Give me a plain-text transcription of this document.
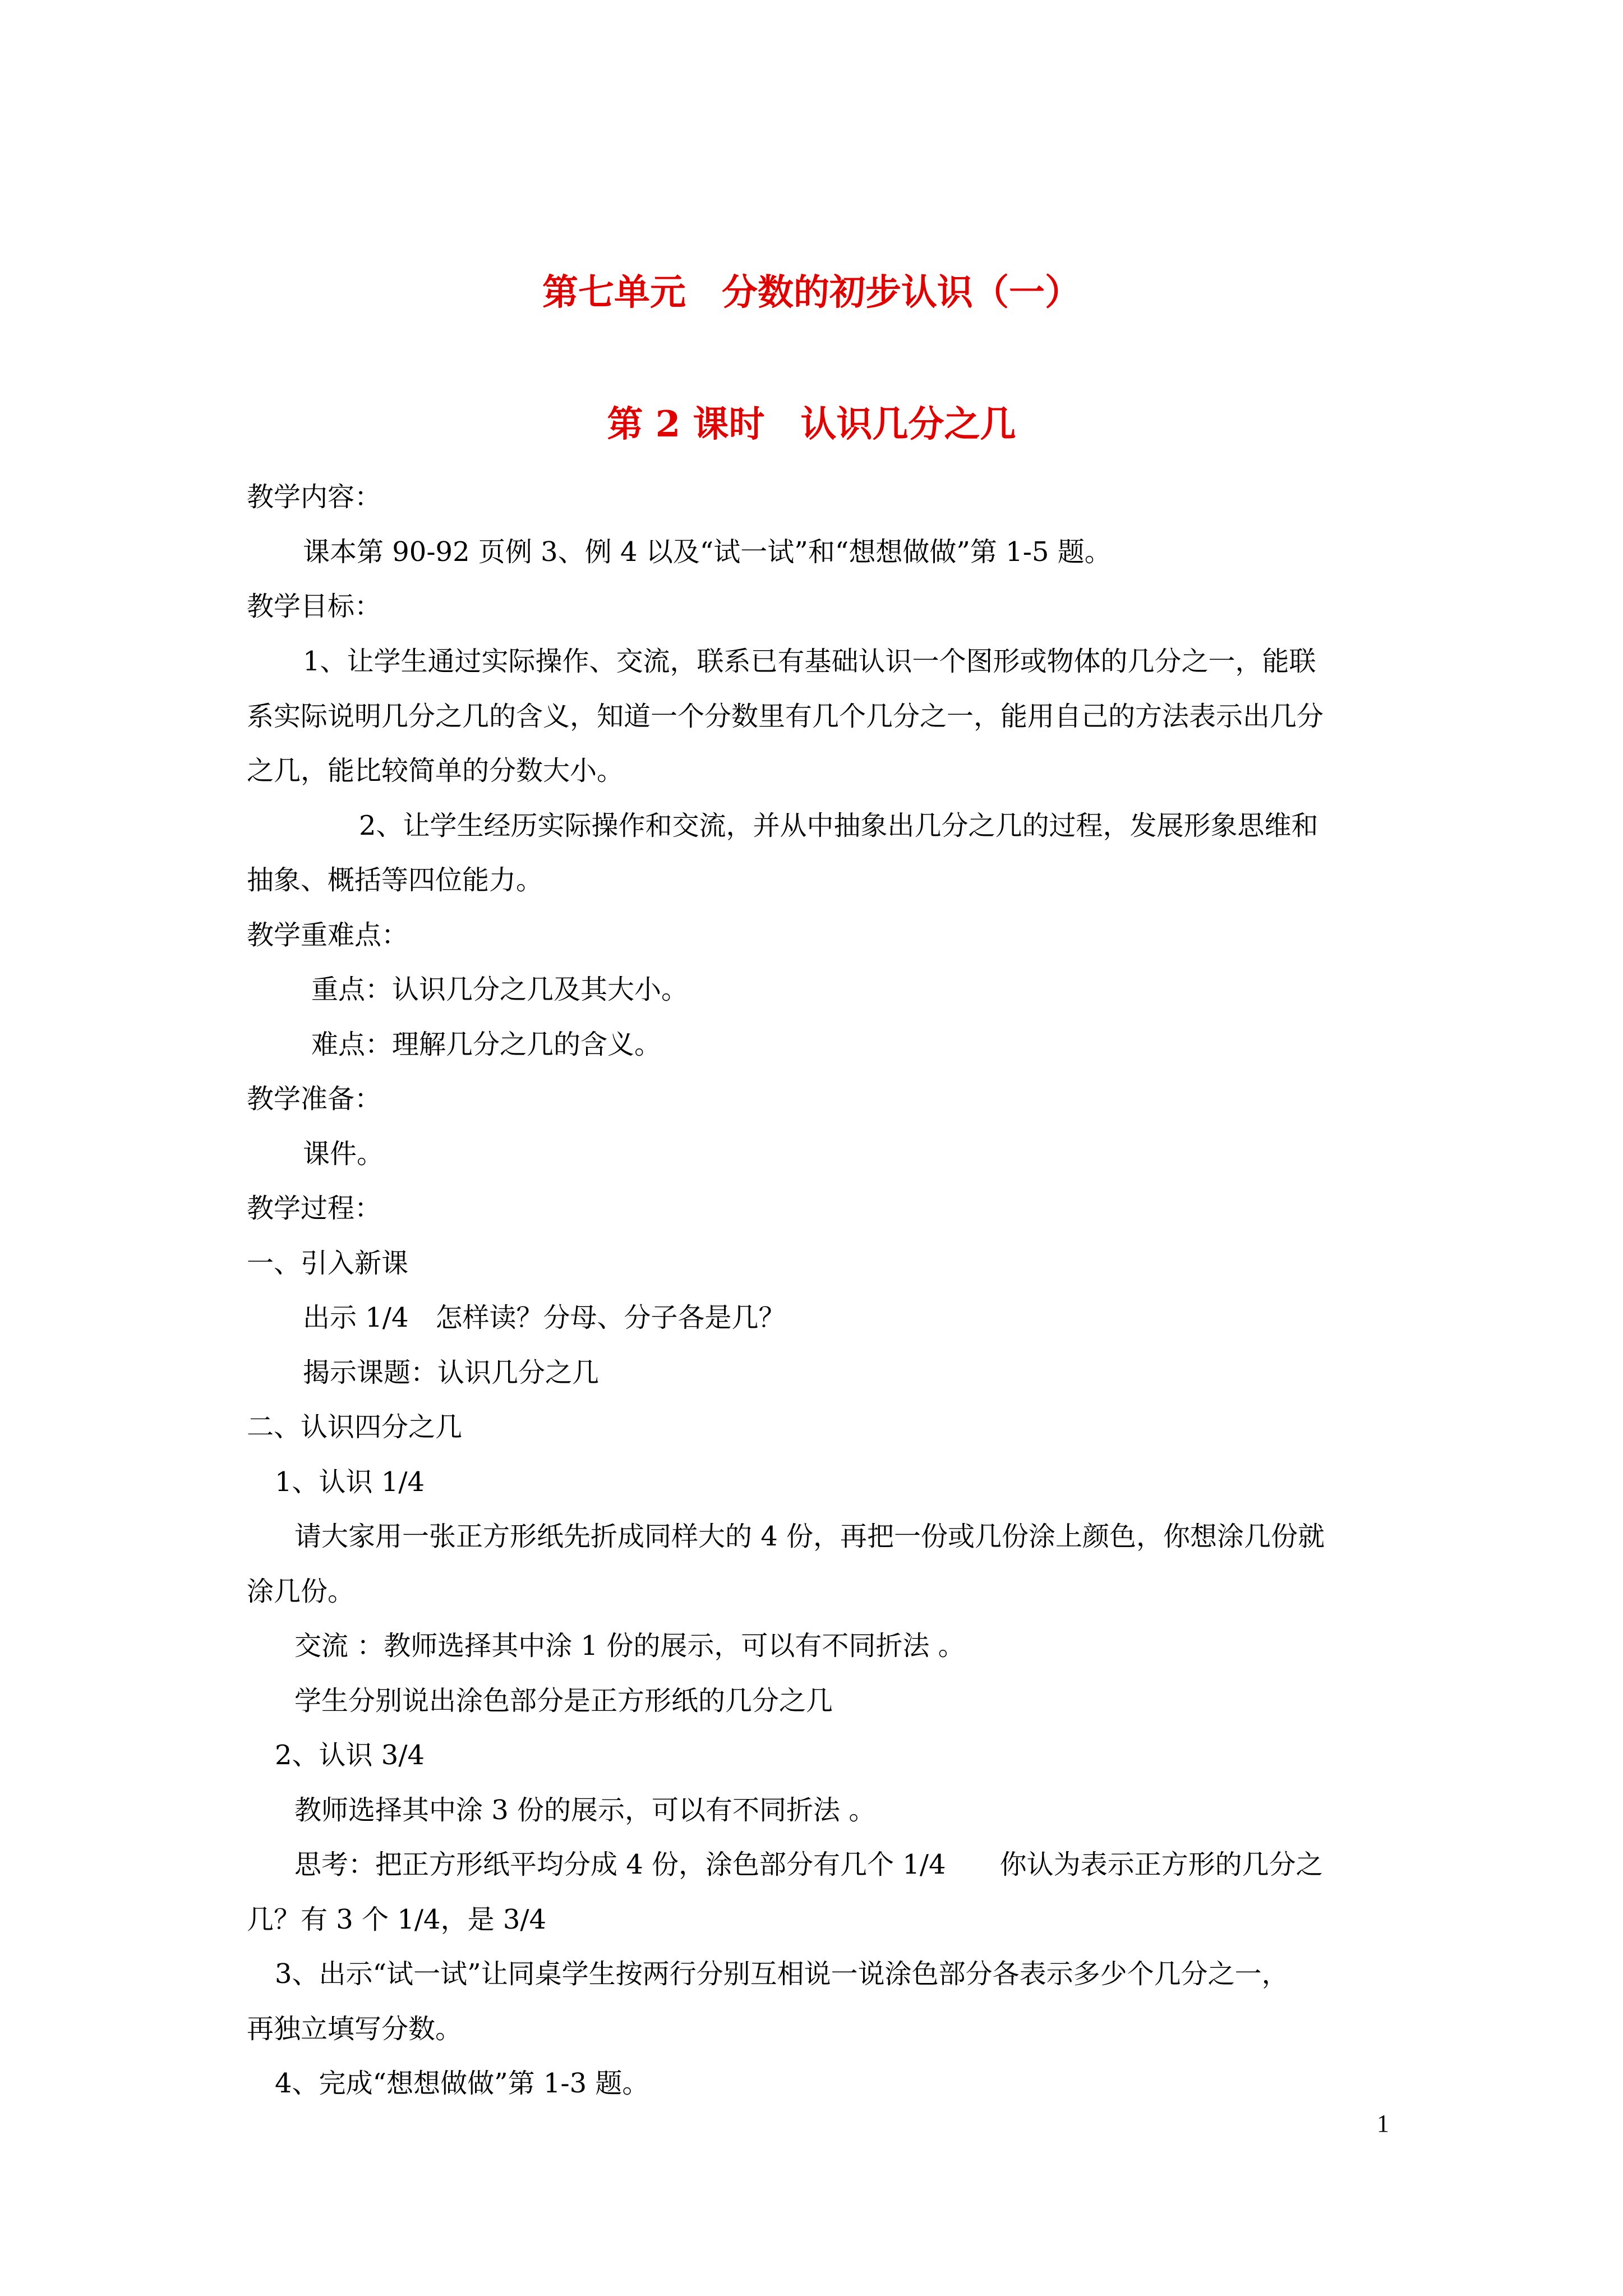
第七单元　分数的初步认识（一）
第 2 课时　认识几分之几
教学内容：
课本第 90-92 页例 3、例 4 以及“试一试”和“想想做做”第 1-5 题。
教学目标：
1、让学生通过实际操作、交流，联系已有基础认识一个图形或物体的几分之一，能联
系实际说明几分之几的含义，知道一个分数里有几个几分之一，能用自己的方法表示出几分
之几，能比较简单的分数大小。
2、让学生经历实际操作和交流，并从中抽象出几分之几的过程，发展形象思维和
抽象、概括等四位能力。
教学重难点：
重点：认识几分之几及其大小。
难点：理解几分之几的含义。
教学准备：
课件。
教学过程：
一、引入新课
出示 1/4　怎样读？分母、分子各是几？
揭示课题：认识几分之几
二、认识四分之几
1、认识 1/4
请大家用一张正方形纸先折成同样大的 4 份，再把一份或几份涂上颜色，你想涂几份就
涂几份。
交流 ：教师选择其中涂 1 份的展示，可以有不同折法 。
学生分别说出涂色部分是正方形纸的几分之几
2、认识 3/4
教师选择其中涂 3 份的展示，可以有不同折法 。
思考：把正方形纸平均分成 4 份，涂色部分有几个 1/4　　你认为表示正方形的几分之
几？有 3 个 1/4，是 3/4
3、出示“试一试”让同桌学生按两行分别互相说一说涂色部分各表示多少个几分之一，
再独立填写分数。
4、完成“想想做做”第 1-3 题。
1
